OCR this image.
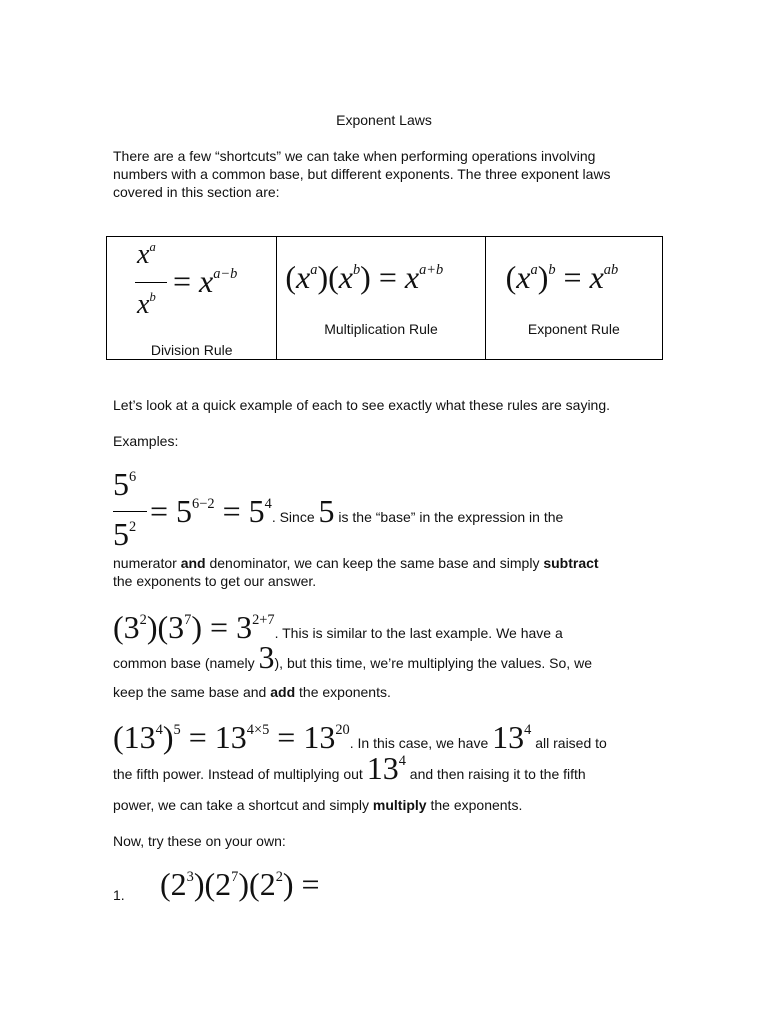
Exponent Laws
There are a few “shortcuts” we can take when performing operations involving numbers with a common base, but different exponents. The three exponent laws covered in this section are:
$x^a$
$x^b = x^{a-b}$
Division Rule

$(x^a)(x^b) = x^{a+b}$
Multiplication Rule

$(x^a)^b = x^{ab}$
Exponent Rule
Let’s look at a quick example of each to see exactly what these rules are saying.
Examples:
$5^6$
$5^2 = 5^{6-2} = 5^4$. Since 5 is the “base” in the expression in the
numerator and denominator, we can keep the same base and simply subtract
the exponents to get our answer.
$(3^2)(3^7) = 3^{2+7}$. This is similar to the last example. We have a
common base (namely 3), but this time, we’re multiplying the values. So, we
keep the same base and add the exponents.
$(13^4)^5 = 13^{4\times 5} = 13^{20}$. In this case, we have $13^4$ all raised to
the fifth power. Instead of multiplying out $13^4$ and then raising it to the fifth
power, we can take a shortcut and simply multiply the exponents.
Now, try these on your own:
1. $(2^3)(2^7)(2^2)$ =
